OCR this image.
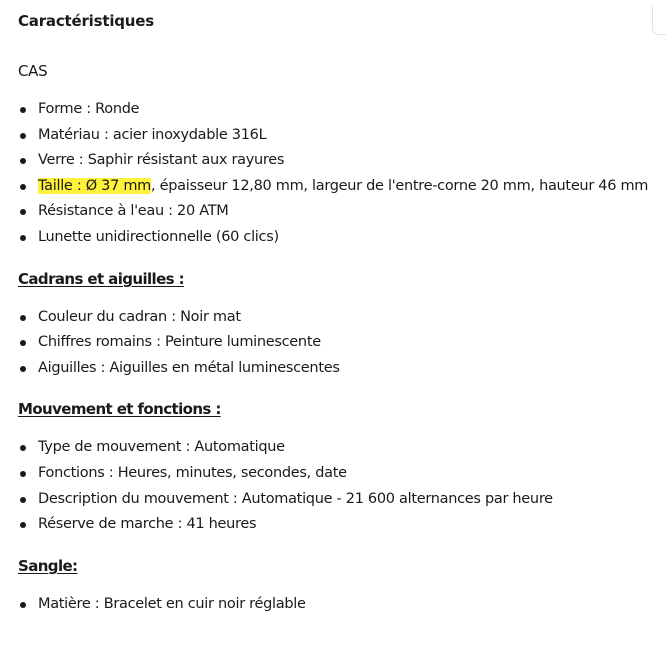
Caractéristiques
CAS
Forme : Ronde
Matériau : acier inoxydable 316L
Verre : Saphir résistant aux rayures
Taille : Ø 37 mm, épaisseur 12,80 mm, largeur de l'entre-corne 20 mm, hauteur 46 mm
Résistance à l'eau : 20 ATM
Lunette unidirectionnelle (60 clics)
Cadrans et aiguilles :
Couleur du cadran : Noir mat
Chiffres romains : Peinture luminescente
Aiguilles : Aiguilles en métal luminescentes
Mouvement et fonctions :
Type de mouvement : Automatique
Fonctions : Heures, minutes, secondes, date
Description du mouvement : Automatique - 21 600 alternances par heure
Réserve de marche : 41 heures
Sangle:
Matière : Bracelet en cuir noir réglable
